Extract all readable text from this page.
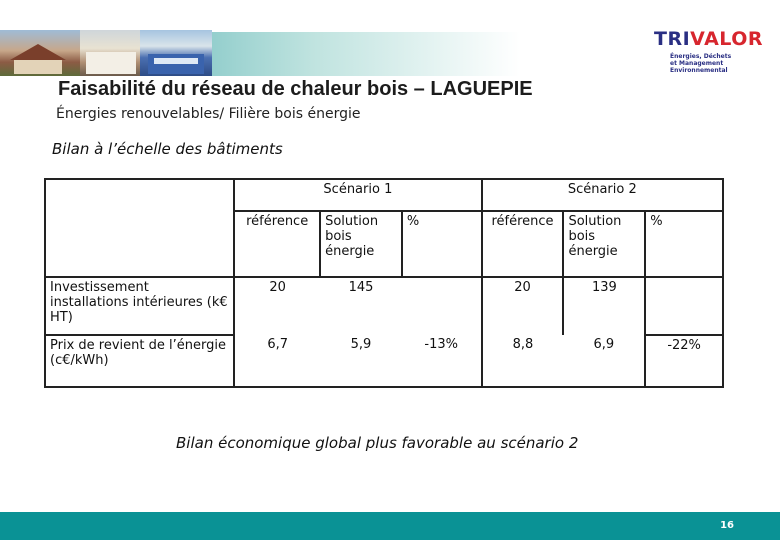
TRIVALOR
Énergies, Déchets
et Management
Environnemental
Faisabilité du réseau de chaleur bois – LAGUEPIE
Énergies renouvelables/ Filière bois énergie
Bilan à l’échelle des bâtiments
	Scénario 1			Scénario 2		
	référence	Solution bois énergie	%	référence	Solution bois énergie	%
Investissement installations intérieures (k€ HT)	20	145		20	139	
Prix de revient de l’énergie (c€/kWh)	6,7	5,9	-13%	8,8	6,9	-22%
Bilan économique global plus favorable au scénario 2
16
